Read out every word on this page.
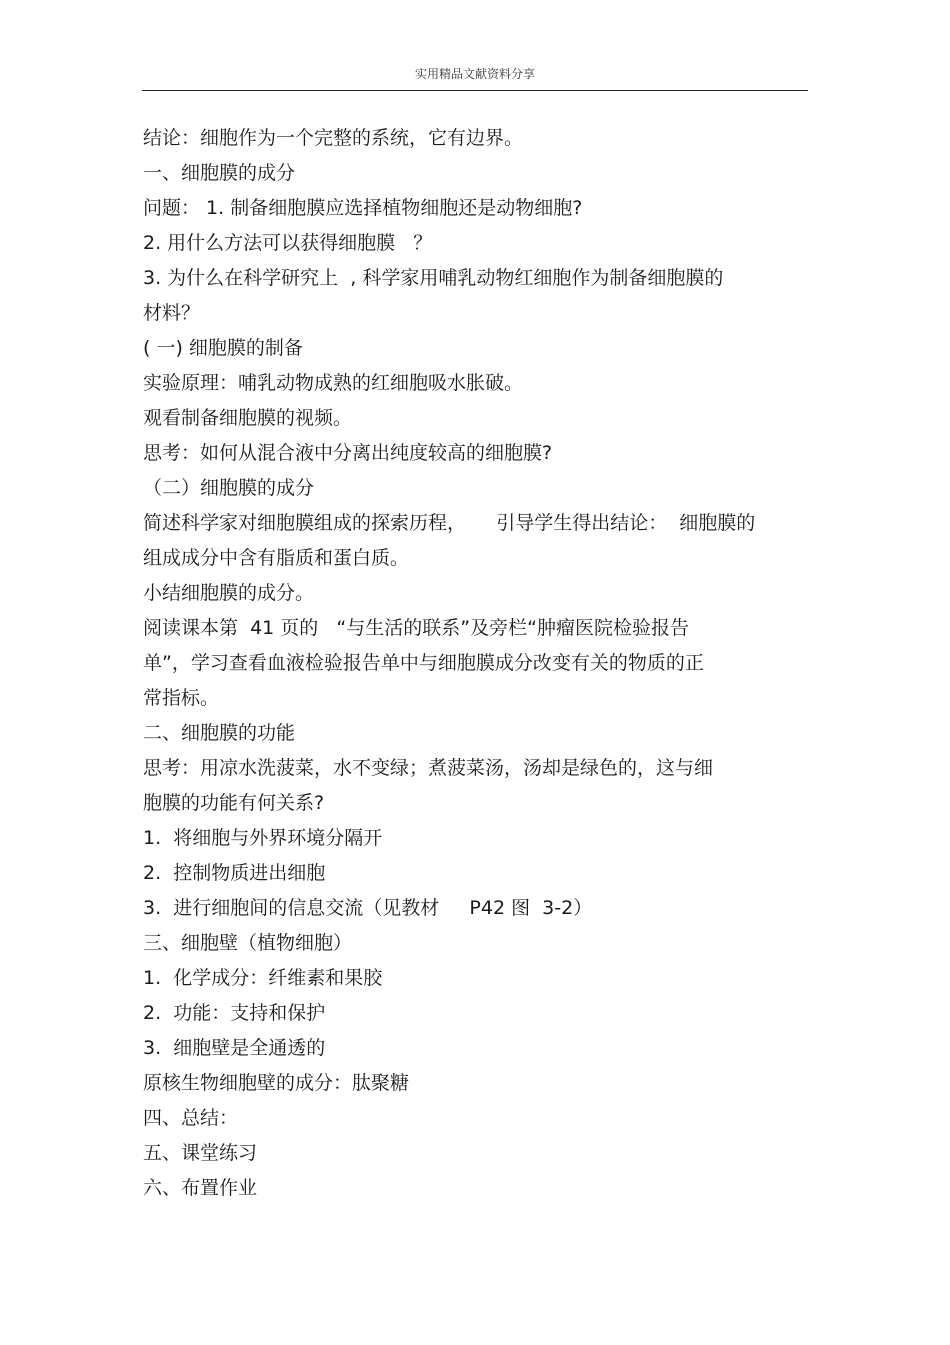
实用精品文献资料分享
结论：细胞作为一个完整的系统，它有边界。
一、细胞膜的成分
问题： 1. 制备细胞膜应选择植物细胞还是动物细胞?
2. 用什么方法可以获得细胞膜   ？
3. 为什么在科学研究上  , 科学家用哺乳动物红细胞作为制备细胞膜的
材料？
( 一) 细胞膜的制备
实验原理：哺乳动物成熟的红细胞吸水胀破。
观看制备细胞膜的视频。
思考：如何从混合液中分离出纯度较高的细胞膜?
（二）细胞膜的成分
简述科学家对细胞膜组成的探索历程，     引导学生得出结论：  细胞膜的
组成成分中含有脂质和蛋白质。
小结细胞膜的成分。
阅读课本第  41 页的   “与生活的联系”及旁栏“肿瘤医院检验报告
单”，学习查看血液检验报告单中与细胞膜成分改变有关的物质的正
常指标。
二、细胞膜的功能
思考：用凉水洗菠菜，水不变绿；煮菠菜汤，汤却是绿色的，这与细
胞膜的功能有何关系?
1.  将细胞与外界环境分隔开
2.  控制物质进出细胞
3.  进行细胞间的信息交流（见教材     P42 图  3-2）
三、细胞壁（植物细胞）
1.  化学成分：纤维素和果胶
2.  功能：支持和保护
3.  细胞壁是全通透的
原核生物细胞壁的成分：肽聚糖
四、总结：
五、课堂练习
六、布置作业
